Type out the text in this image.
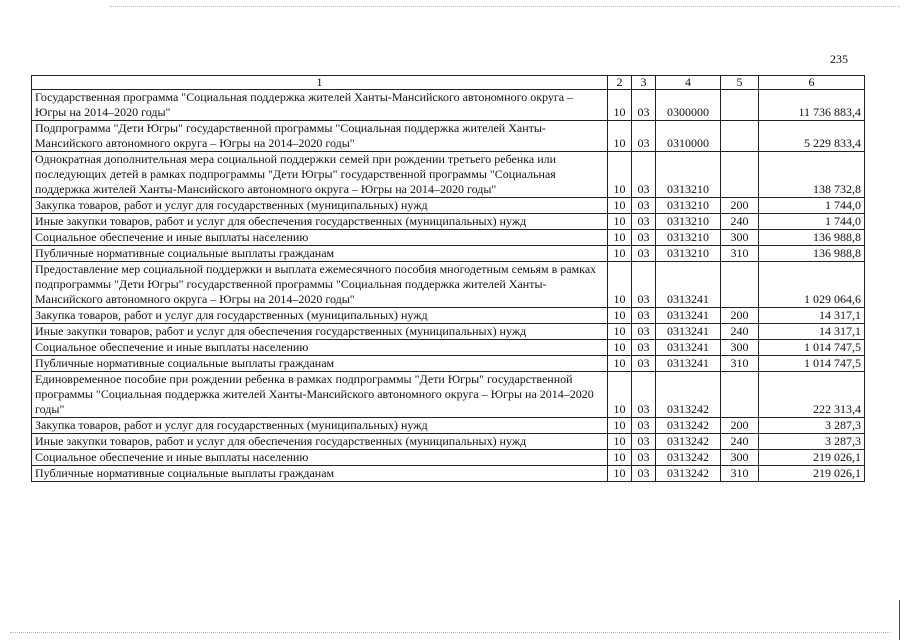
235
1	2	3	4	5	6
Государственная программа "Социальная поддержка жителей Ханты-Мансийского автономного округа – Югры на 2014–2020 годы"	10	03	0300000		11 736 883,4
Подпрограмма "Дети Югры" государственной программы "Социальная поддержка жителей Ханты-Мансийского автономного округа – Югры на 2014–2020 годы"	10	03	0310000		5 229 833,4
Однократная дополнительная мера социальной поддержки семей при рождении третьего ребенка или последующих детей в рамках подпрограммы "Дети Югры" государственной программы "Социальная поддержка жителей Ханты-Мансийского автономного округа – Югры на 2014–2020 годы"	10	03	0313210		138 732,8
Закупка товаров, работ и услуг для государственных (муниципальных) нужд	10	03	0313210	200	1 744,0
Иные закупки товаров, работ и услуг для обеспечения государственных (муниципальных) нужд	10	03	0313210	240	1 744,0
Социальное обеспечение и иные выплаты населению	10	03	0313210	300	136 988,8
Публичные нормативные социальные выплаты гражданам	10	03	0313210	310	136 988,8
Предоставление мер социальной поддержки и выплата ежемесячного пособия многодетным семьям в рамках подпрограммы "Дети Югры" государственной программы "Социальная поддержка жителей Ханты-Мансийского автономного округа – Югры на 2014–2020 годы"	10	03	0313241		1 029 064,6
Закупка товаров, работ и услуг для государственных (муниципальных) нужд	10	03	0313241	200	14 317,1
Иные закупки товаров, работ и услуг для обеспечения государственных (муниципальных) нужд	10	03	0313241	240	14 317,1
Социальное обеспечение и иные выплаты населению	10	03	0313241	300	1 014 747,5
Публичные нормативные социальные выплаты гражданам	10	03	0313241	310	1 014 747,5
Единовременное пособие при рождении ребенка в рамках подпрограммы "Дети Югры" государственной программы "Социальная поддержка жителей Ханты-Мансийского автономного округа – Югры на 2014–2020 годы"	10	03	0313242		222 313,4
Закупка товаров, работ и услуг для государственных (муниципальных) нужд	10	03	0313242	200	3 287,3
Иные закупки товаров, работ и услуг для обеспечения государственных (муниципальных) нужд	10	03	0313242	240	3 287,3
Социальное обеспечение и иные выплаты населению	10	03	0313242	300	219 026,1
Публичные нормативные социальные выплаты гражданам	10	03	0313242	310	219 026,1
